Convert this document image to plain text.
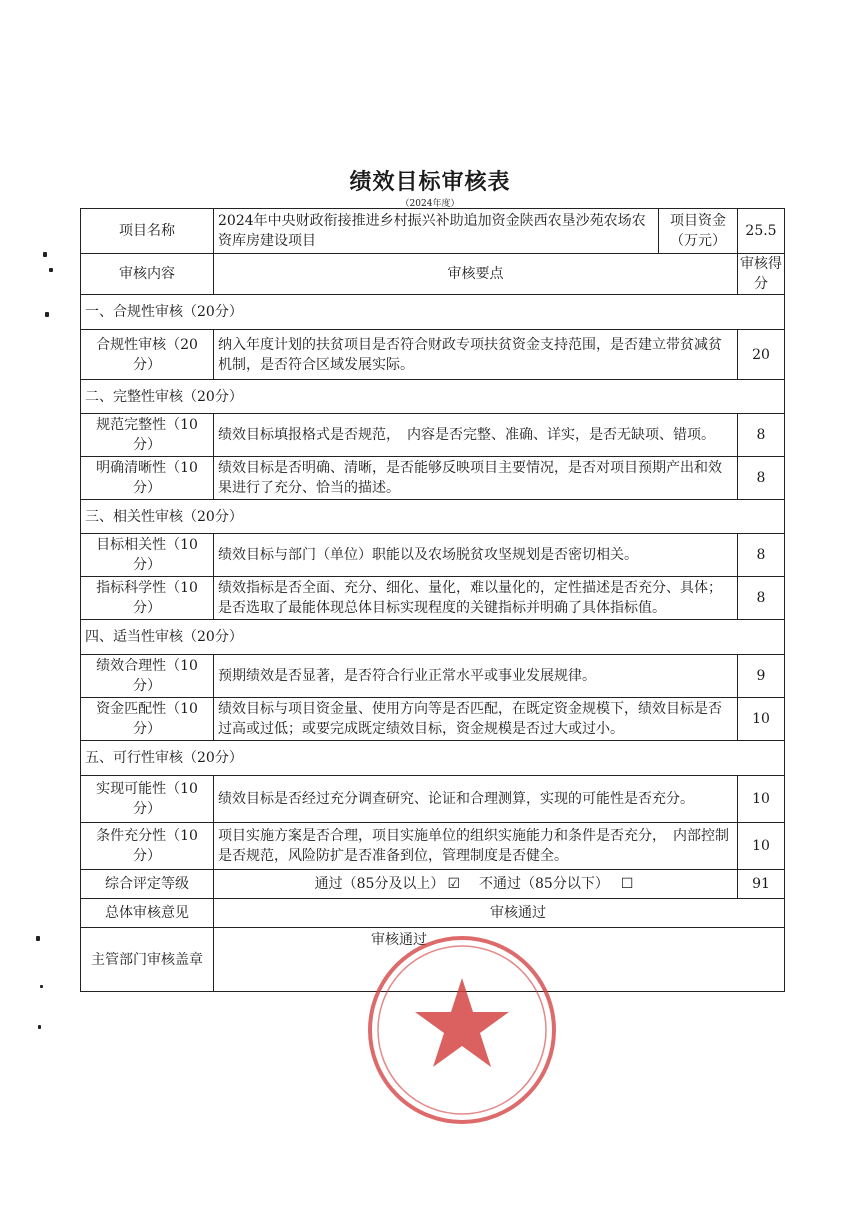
绩效目标审核表
（2024年度）
项目名称	2024年中央财政衔接推进乡村振兴补助追加资金陕西农垦沙苑农场农资库房建设项目	项目资金（万元）	25.5
审核内容	审核要点		审核得分
一、合规性审核（20分）			
合规性审核（20分）	纳入年度计划的扶贫项目是否符合财政专项扶贫资金支持范围，是否建立带贫减贫机制，是否符合区域发展实际。		20
二、完整性审核（20分）			
规范完整性（10分）	绩效目标填报格式是否规范，　内容是否完整、准确、详实，是否无缺项、错项。		8
明确清晰性（10分）	绩效目标是否明确、清晰，是否能够反映项目主要情况，是否对项目预期产出和效果进行了充分、恰当的描述。		8
三、相关性审核（20分）			
目标相关性（10分）	绩效目标与部门（单位）职能以及农场脱贫攻坚规划是否密切相关。		8
指标科学性（10分）	绩效指标是否全面、充分、细化、量化，难以量化的，定性描述是否充分、具体；　是否选取了最能体现总体目标实现程度的关键指标并明确了具体指标值。		8
四、适当性审核（20分）			
绩效合理性（10分）	预期绩效是否显著，是否符合行业正常水平或事业发展规律。		9
资金匹配性（10分）	绩效目标与项目资金量、使用方向等是否匹配，在既定资金规模下，绩效目标是否过高或过低；或要完成既定绩效目标，资金规模是否过大或过小。		10
五、可行性审核（20分）			
实现可能性（10分）	绩效目标是否经过充分调查研究、论证和合理测算，实现的可能性是否充分。		10
条件充分性（10分）	项目实施方案是否合理，项目实施单位的组织实施能力和条件是否充分，　内部控制是否规范，风险防扩是否准备到位，管理制度是否健全。		10
综合评定等级	通过（85分及以上） ☑ 不通过（85分以下） ☐		91
总体审核意见	审核通过		
主管部门审核盖章	审核通过		
